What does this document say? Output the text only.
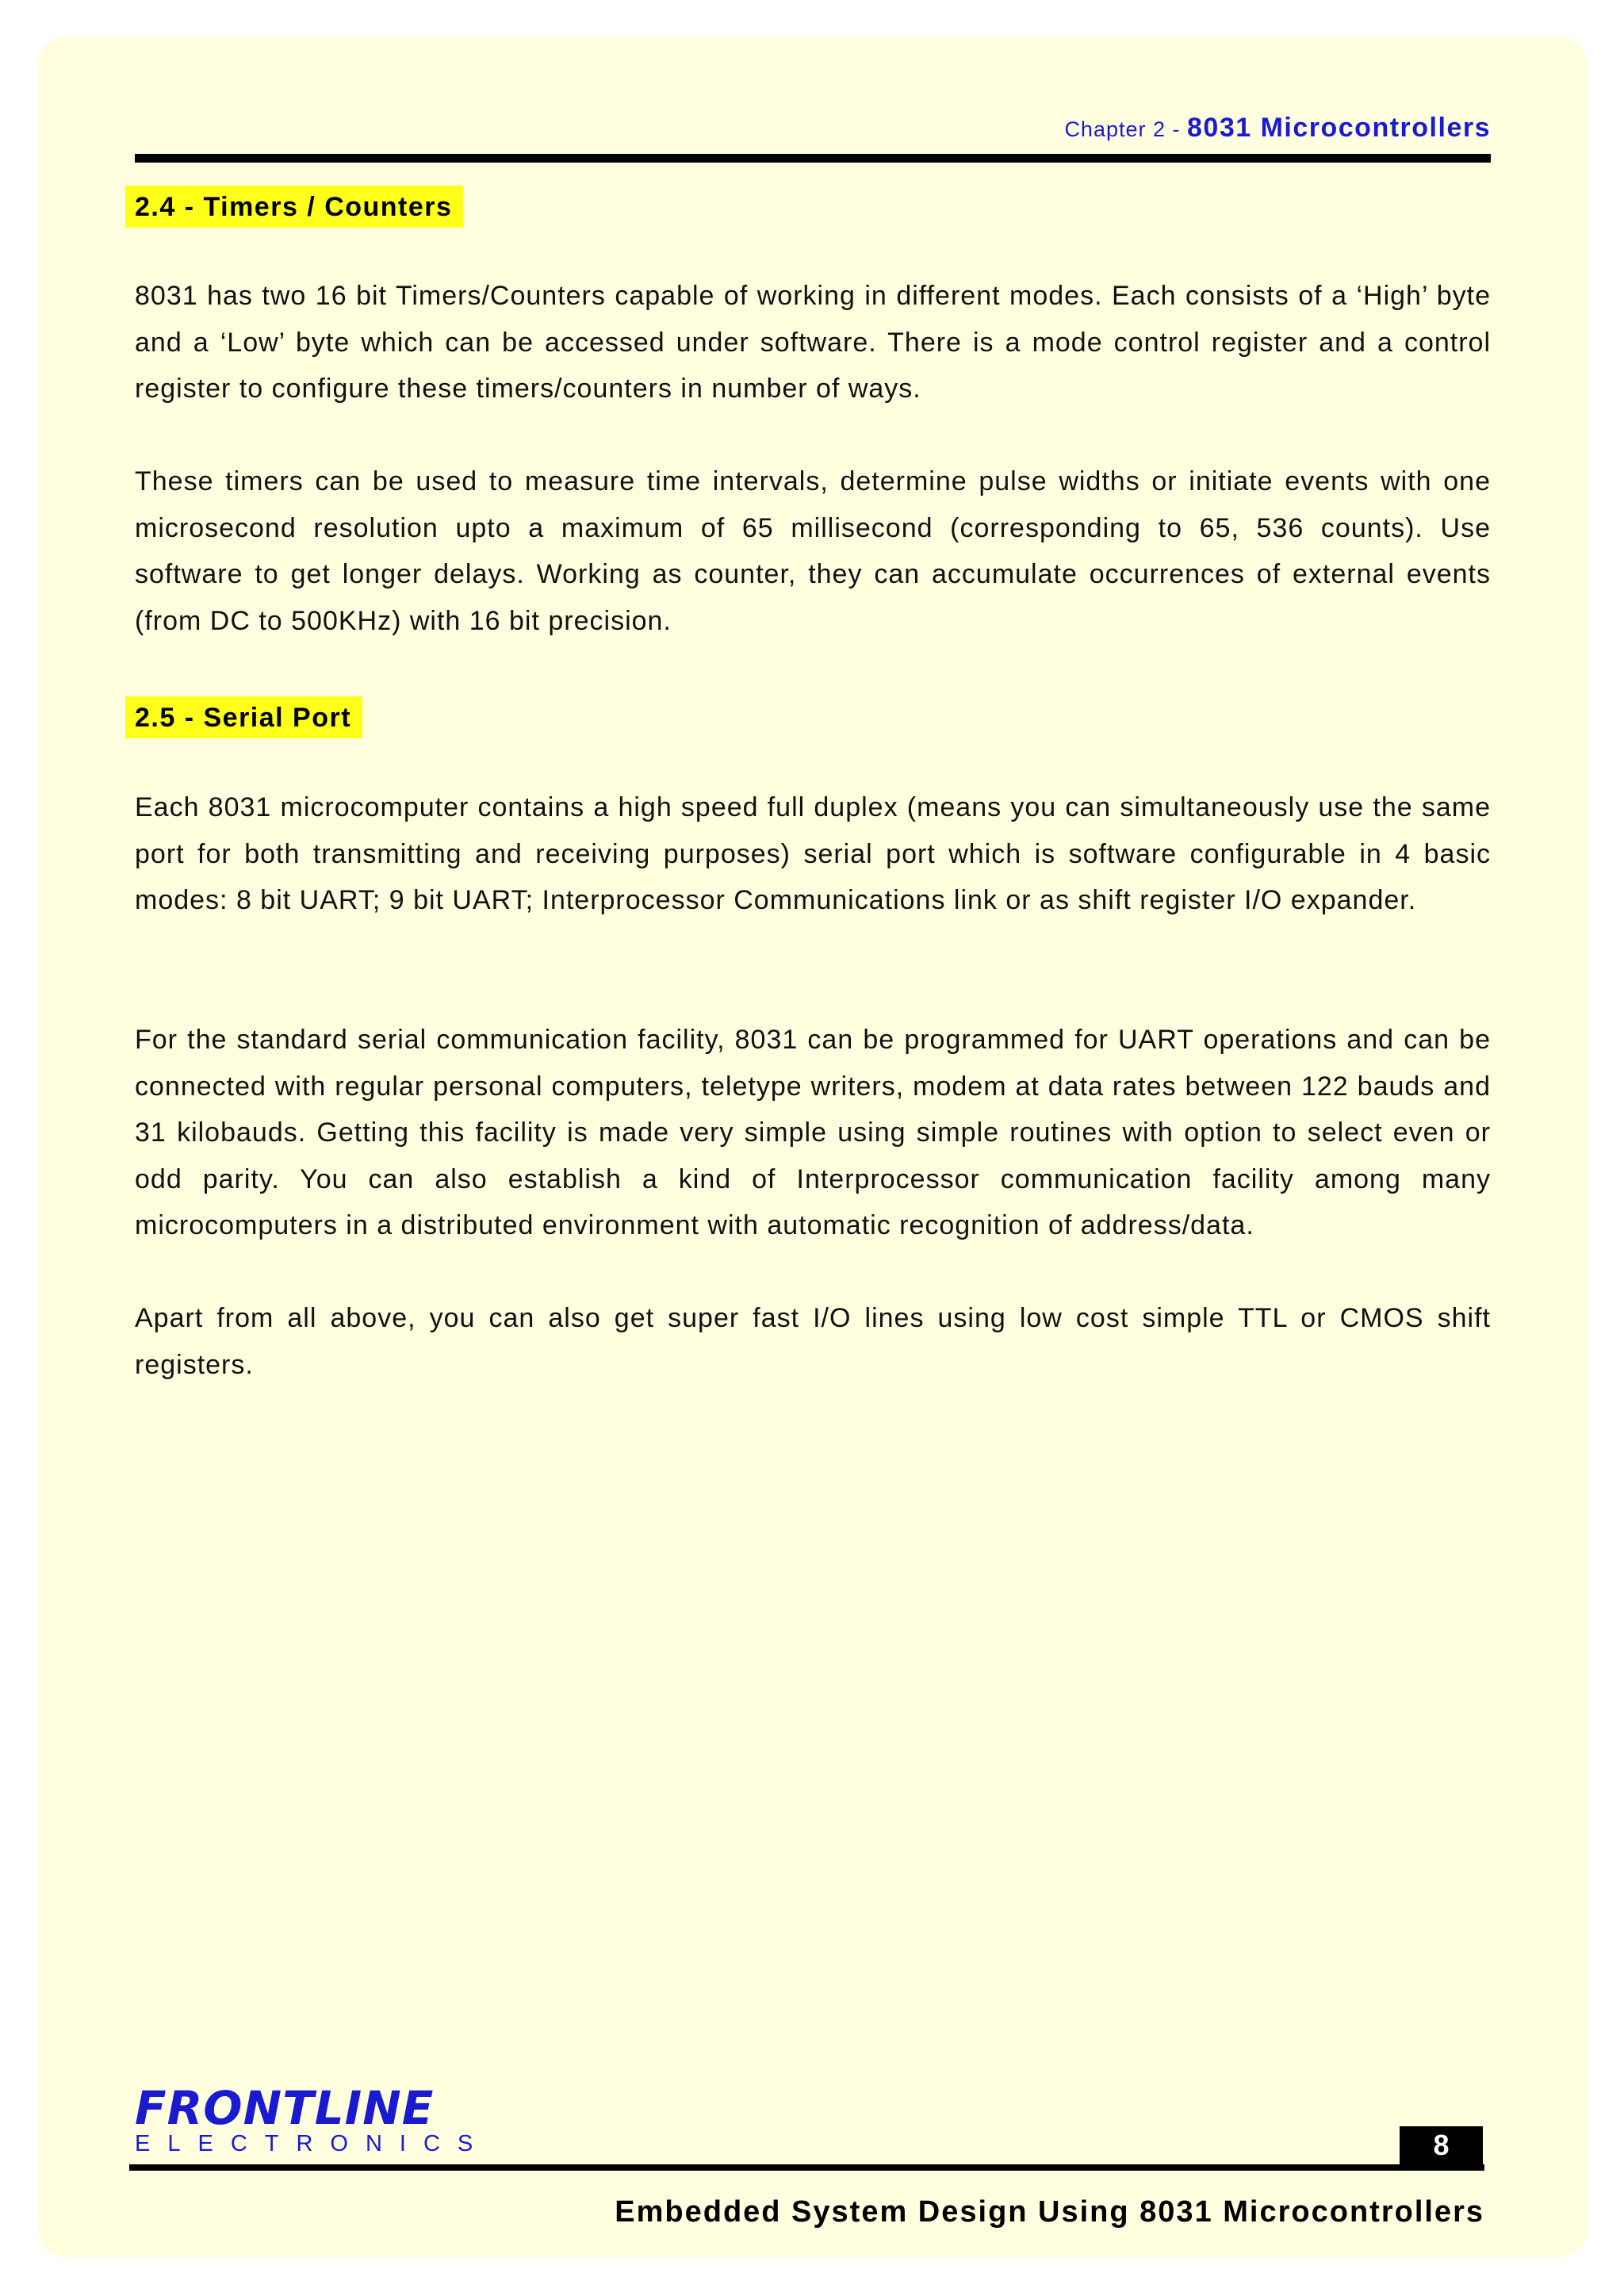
Chapter 2 - 8031 Microcontrollers
2.4 - Timers / Counters

8031 has two 16 bit Timers/Counters capable of working in different modes. Each consists of a ‘High’ byte and a ‘Low’ byte which can be accessed under software. There is a mode control register and a control register to configure these timers/counters in number of ways.

These timers can be used to measure time intervals, determine pulse widths or initiate events with one microsecond resolution upto a maximum of 65 millisecond (corresponding to 65, 536 counts). Use software to get longer delays. Working as counter, they can accumulate occurrences of external events (from DC to 500KHz) with 16 bit precision.

2.5 - Serial Port

Each 8031 microcomputer contains a high speed full duplex (means you can simultaneously use the same port for both transmitting and receiving purposes) serial port which is software configurable in 4 basic modes: 8 bit UART; 9 bit UART; Interprocessor Communications link or as shift register I/O expander.

For the standard serial communication facility, 8031 can be programmed for UART operations and can be connected with regular personal computers, teletype writers, modem at data rates between 122 bauds and 31 kilobauds. Getting this facility is made very simple using simple routines with option to select even or odd parity. You can also establish a kind of Interprocessor communication facility among many microcomputers in a distributed environment with automatic recognition of address/data.

Apart from all above, you can also get super fast I/O lines using low cost simple TTL or CMOS shift registers.

FRONTLINE
ELECTRONICS	8
Embedded System Design Using 8031 Microcontrollers
